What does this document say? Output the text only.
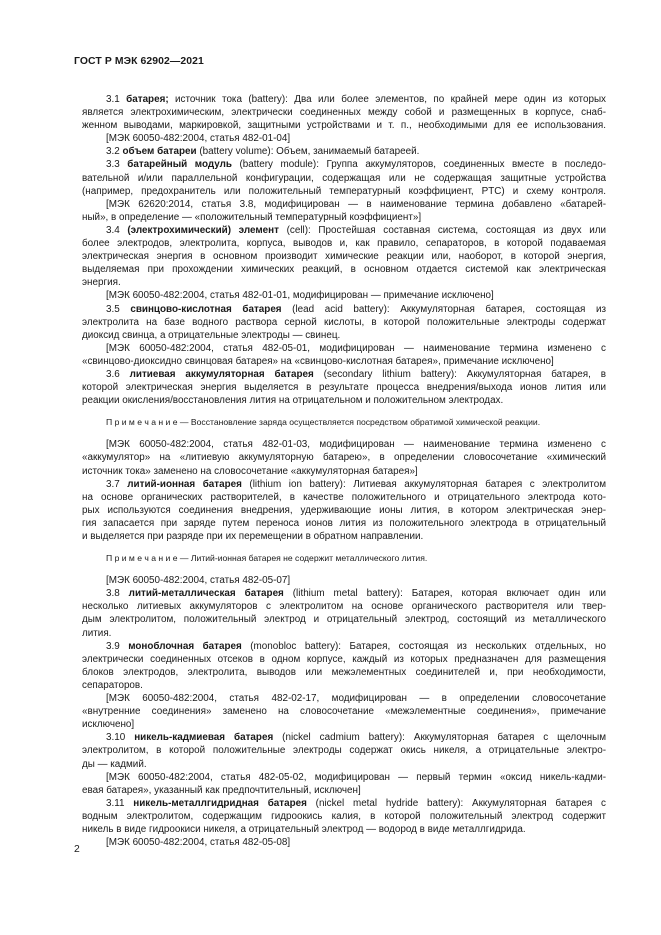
ГОСТ Р МЭК 62902—2021
3.1 батарея; источник тока (battery): Два или более элементов, по крайней мере один из которых
является электрохимическим, электрически соединенных между собой и размещенных в корпусе, снаб-
женном выводами, маркировкой, защитными устройствами и т. п., необходимыми для ее использования.
[МЭК 60050-482:2004, статья 482-01-04]
3.2 объем батареи (battery volume): Объем, занимаемый батареей.
3.3 батарейный модуль (battery module): Группа аккумуляторов, соединенных вместе в последо-
вательной и/или параллельной конфигурации, содержащая или не содержащая защитные устройства
(например, предохранитель или положительный температурный коэффициент, PTC) и схему контроля.
[МЭК 62620:2014, статья 3.8, модифицирован — в наименование термина добавлено «батарей-
ный», в определение — «положительный температурный коэффициент»]
3.4 (электрохимический) элемент (cell): Простейшая составная система, состоящая из двух или
более электродов, электролита, корпуса, выводов и, как правило, сепараторов, в которой подаваемая
электрическая энергия в основном производит химические реакции или, наоборот, в которой энергия,
выделяемая при прохождении химических реакций, в основном отдается системой как электрическая
энергия.
[МЭК 60050-482:2004, статья 482-01-01, модифицирован — примечание исключено]
3.5 свинцово-кислотная батарея (lead acid battery): Аккумуляторная батарея, состоящая из
электролита на базе водного раствора серной кислоты, в которой положительные электроды содержат
диоксид свинца, а отрицательные электроды — свинец.
[МЭК 60050-482:2004, статья 482-05-01, модифицирован — наименование термина изменено с
«свинцово-диоксидно свинцовая батарея» на «свинцово-кислотная батарея», примечание исключено]
3.6 литиевая аккумуляторная батарея (secondary lithium battery): Аккумуляторная батарея, в
которой электрическая энергия выделяется в результате процесса внедрения/выхода ионов лития или
реакции окисления/восстановления лития на отрицательном и положительном электродах.
П р и м е ч а н и е — Восстановление заряда осуществляется посредством обратимой химической реакции.
[МЭК 60050-482:2004, статья 482-01-03, модифицирован — наименование термина изменено с
«аккумулятор» на «литиевую аккумуляторную батарею», в определении словосочетание «химический
источник тока» заменено на словосочетание «аккумуляторная батарея»]
3.7 литий-ионная батарея (lithium ion battery): Литиевая аккумуляторная батарея с электролитом
на основе органических растворителей, в качестве положительного и отрицательного электрода кото-
рых используются соединения внедрения, удерживающие ионы лития, в котором электрическая энер-
гия запасается при заряде путем переноса ионов лития из положительного электрода в отрицательный
и выделяется при разряде при их перемещении в обратном направлении.
П р и м е ч а н и е — Литий-ионная батарея не содержит металлического лития.
[МЭК 60050-482:2004, статья 482-05-07]
3.8 литий-металлическая батарея (lithium metal battery): Батарея, которая включает один или
несколько литиевых аккумуляторов с электролитом на основе органического растворителя или твер-
дым электролитом, положительный электрод и отрицательный электрод, состоящий из металлического
лития.
3.9 моноблочная батарея (monobloc battery): Батарея, состоящая из нескольких отдельных, но
электрически соединенных отсеков в одном корпусе, каждый из которых предназначен для размещения
блоков электродов, электролита, выводов или межэлементных соединителей и, при необходимости,
сепараторов.
[МЭК 60050-482:2004, статья 482-02-17, модифицирован — в определении словосочетание
«внутренние соединения» заменено на словосочетание «межэлементные соединения», примечание
исключено]
3.10 никель-кадмиевая батарея (nickel cadmium battery): Аккумуляторная батарея с щелочным
электролитом, в которой положительные электроды содержат окись никеля, а отрицательные электро-
ды — кадмий.
[МЭК 60050-482:2004, статья 482-05-02, модифицирован — первый термин «оксид никель-кадми-
евая батарея», указанный как предпочтительный, исключен]
3.11 никель-металлгидридная батарея (nickel metal hydride battery): Аккумуляторная батарея с
водным электролитом, содержащим гидроокись калия, в которой положительный электрод содержит
никель в виде гидроокиси никеля, а отрицательный электрод — водород в виде металлгидрида.
[МЭК 60050-482:2004, статья 482-05-08]
2
